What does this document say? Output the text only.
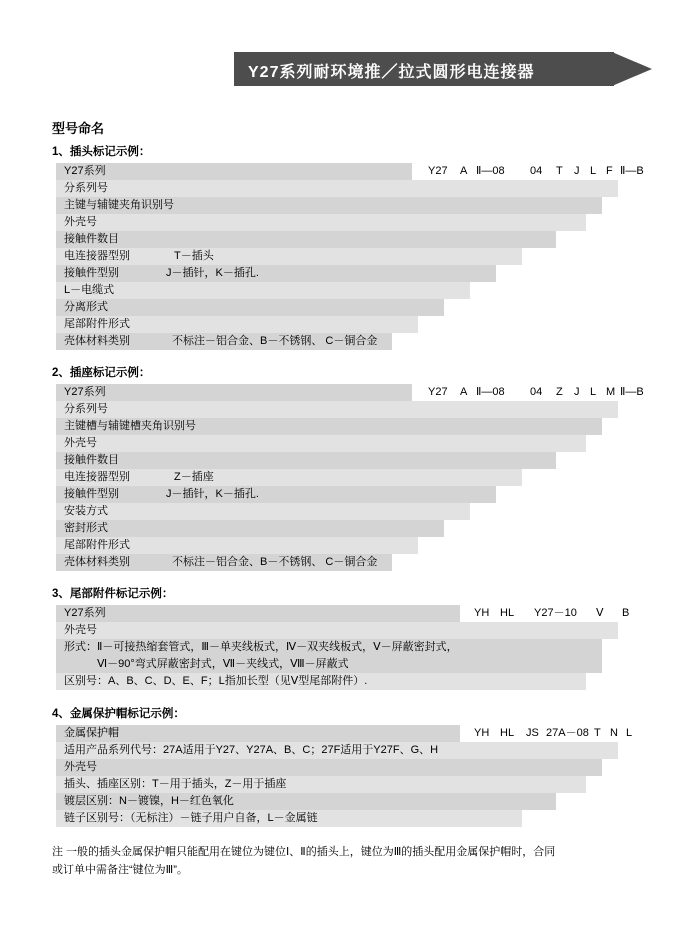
Y27系列耐环境推／拉式圆形电连接器
型号命名
1、插头标记示例：
Y27系列	Y27 A Ⅱ—08 04 T J L F Ⅱ—B
分系列号
主键与辅键夹角识别号
外壳号
接触件数目
电连接器型别	T－插头
接触件型别	J－插针，K－插孔.
L－电缆式
分离形式
尾部附件形式
壳体材料类别	不标注－铝合金、B－不锈钢、 C－铜合金
2、插座标记示例：
Y27系列	Y27 A Ⅱ—08 04 Z J L M Ⅱ—B
分系列号
主键槽与辅键槽夹角识别号
外壳号
接触件数目
电连接器型别	Z－插座
接触件型别	J－插针，K－插孔.
安装方式
密封形式
尾部附件形式
壳体材料类别	不标注－铝合金、B－不锈钢、 C－铜合金
3、尾部附件标记示例：
Y27系列	YH HL Y27－10 Ⅴ B
外壳号
形式：Ⅱ－可接热缩套管式，Ⅲ－单夹线板式，Ⅳ－双夹线板式，Ⅴ－屏蔽密封式，
　　　Ⅵ－90°弯式屏蔽密封式，Ⅶ－夹线式，Ⅷ－屏蔽式
区别号：A、B、C、D、E、F；L指加长型（见Ⅴ型尾部附件）.
4、金属保护帽标记示例：
金属保护帽	YH HL JS 27A－08 T N L
适用产品系列代号：27A适用于Y27、Y27A、B、C；27F适用于Y27F、G、H
外壳号
插头、插座区别：T－用于插头，Z－用于插座
镀层区别：N－镀镍，H－红色氧化
链子区别号：（无标注）－链子用户自备，L－金属链
注 一般的插头金属保护帽只能配用在键位为键位Ⅰ、Ⅱ的插头上，键位为Ⅲ的插头配用金属保护帽时，合同
或订单中需备注“键位为Ⅲ”。
